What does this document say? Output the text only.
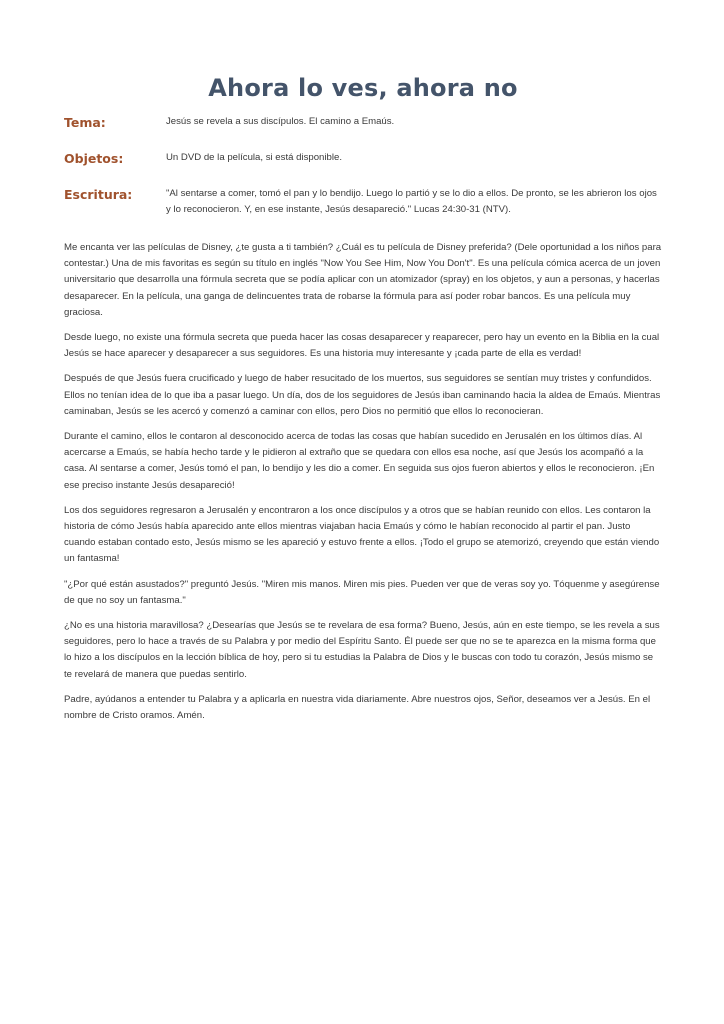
Ahora lo ves, ahora no
Tema:	Jesús se revela a sus discípulos. El camino a Emaús.
Objetos:	Un DVD de la película, si está disponible.
Escritura:	"Al sentarse a comer, tomó el pan y lo bendijo. Luego lo partió y se lo dio a ellos. De pronto, se les abrieron los ojos y lo reconocieron. Y, en ese instante, Jesús desapareció." Lucas 24:30-31 (NTV).

Me encanta ver las películas de Disney, ¿te gusta a ti también? ¿Cuál es tu película de Disney preferida? (Dele oportunidad a los niños para contestar.) Una de mis favoritas es según su título en inglés "Now You See Him, Now You Don't". Es una película cómica acerca de un joven universitario que desarrolla una fórmula secreta que se podía aplicar con un atomizador (spray) en los objetos, y aun a personas, y hacerlas desaparecer. En la película, una ganga de delincuentes trata de robarse la fórmula para así poder robar bancos. Es una película muy graciosa.

Desde luego, no existe una fórmula secreta que pueda hacer las cosas desaparecer y reaparecer, pero hay un evento en la Biblia en la cual Jesús se hace aparecer y desaparecer a sus seguidores. Es una historia muy interesante y ¡cada parte de ella es verdad!

Después de que Jesús fuera crucificado y luego de haber resucitado de los muertos, sus seguidores se sentían muy tristes y confundidos. Ellos no tenían idea de lo que iba a pasar luego. Un día, dos de los seguidores de Jesús iban caminando hacia la aldea de Emaús. Mientras caminaban, Jesús se les acercó y comenzó a caminar con ellos, pero Dios no permitió que ellos lo reconocieran.

Durante el camino, ellos le contaron al desconocido acerca de todas las cosas que habían sucedido en Jerusalén en los últimos días. Al acercarse a Emaús, se había hecho tarde y le pidieron al extraño que se quedara con ellos esa noche, así que Jesús los acompañó a la casa. Al sentarse a comer, Jesús tomó el pan, lo bendijo y les dio a comer. En seguida sus ojos fueron abiertos y ellos le reconocieron. ¡En ese preciso instante Jesús desapareció!

Los dos seguidores regresaron a Jerusalén y encontraron a los once discípulos y a otros que se habían reunido con ellos. Les contaron la historia de cómo Jesús había aparecido ante ellos mientras viajaban hacia Emaús y cómo le habían reconocido al partir el pan. Justo cuando estaban contado esto, Jesús mismo se les apareció y estuvo frente a ellos. ¡Todo el grupo se atemorizó, creyendo que están viendo un fantasma!

"¿Por qué están asustados?" preguntó Jesús. "Miren mis manos. Miren mis pies. Pueden ver que de veras soy yo. Tóquenme y asegúrense de que no soy un fantasma."

¿No es una historia maravillosa? ¿Desearías que Jesús se te revelara de esa forma? Bueno, Jesús, aún en este tiempo, se les revela a sus seguidores, pero lo hace a través de su Palabra y por medio del Espíritu Santo. Él puede ser que no se te aparezca en la misma forma que lo hizo a los discípulos en la lección bíblica de hoy, pero si tu estudias la Palabra de Dios y le buscas con todo tu corazón, Jesús mismo se te revelará de manera que puedas sentirlo.

Padre, ayúdanos a entender tu Palabra y a aplicarla en nuestra vida diariamente. Abre nuestros ojos, Señor, deseamos ver a Jesús. En el nombre de Cristo oramos. Amén.
